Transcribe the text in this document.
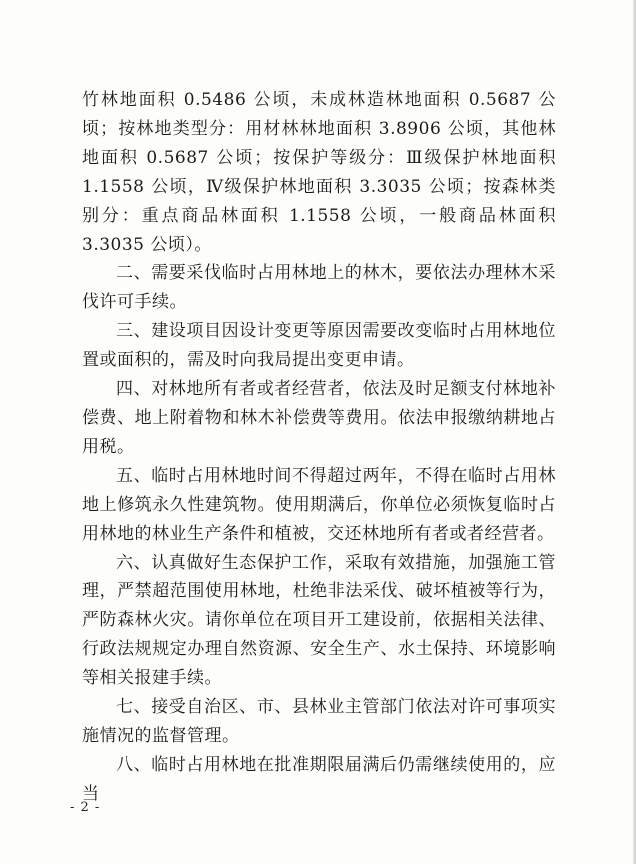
竹林地面积 0.5486 公顷，未成林造林地面积 0.5687 公顷；按林地类型分：用材林林地面积 3.8906 公顷，其他林地面积 0.5687 公顷；按保护等级分：Ⅲ级保护林地面积 1.1558 公顷，Ⅳ级保护林地面积 3.3035 公顷；按森林类别分：重点商品林面积 1.1558 公顷，一般商品林面积 3.3035 公顷）。

二、需要采伐临时占用林地上的林木，要依法办理林木采伐许可手续。

三、建设项目因设计变更等原因需要改变临时占用林地位置或面积的，需及时向我局提出变更申请。

四、对林地所有者或者经营者，依法及时足额支付林地补偿费、地上附着物和林木补偿费等费用。依法申报缴纳耕地占用税。

五、临时占用林地时间不得超过两年，不得在临时占用林地上修筑永久性建筑物。使用期满后，你单位必须恢复临时占用林地的林业生产条件和植被，交还林地所有者或者经营者。

六、认真做好生态保护工作，采取有效措施，加强施工管理，严禁超范围使用林地，杜绝非法采伐、破坏植被等行为，严防森林火灾。请你单位在项目开工建设前，依据相关法律、行政法规规定办理自然资源、安全生产、水土保持、环境影响等相关报建手续。

七、接受自治区、市、县林业主管部门依法对许可事项实施情况的监督管理。

八、临时占用林地在批准期限届满后仍需继续使用的，应当

- 2 -
